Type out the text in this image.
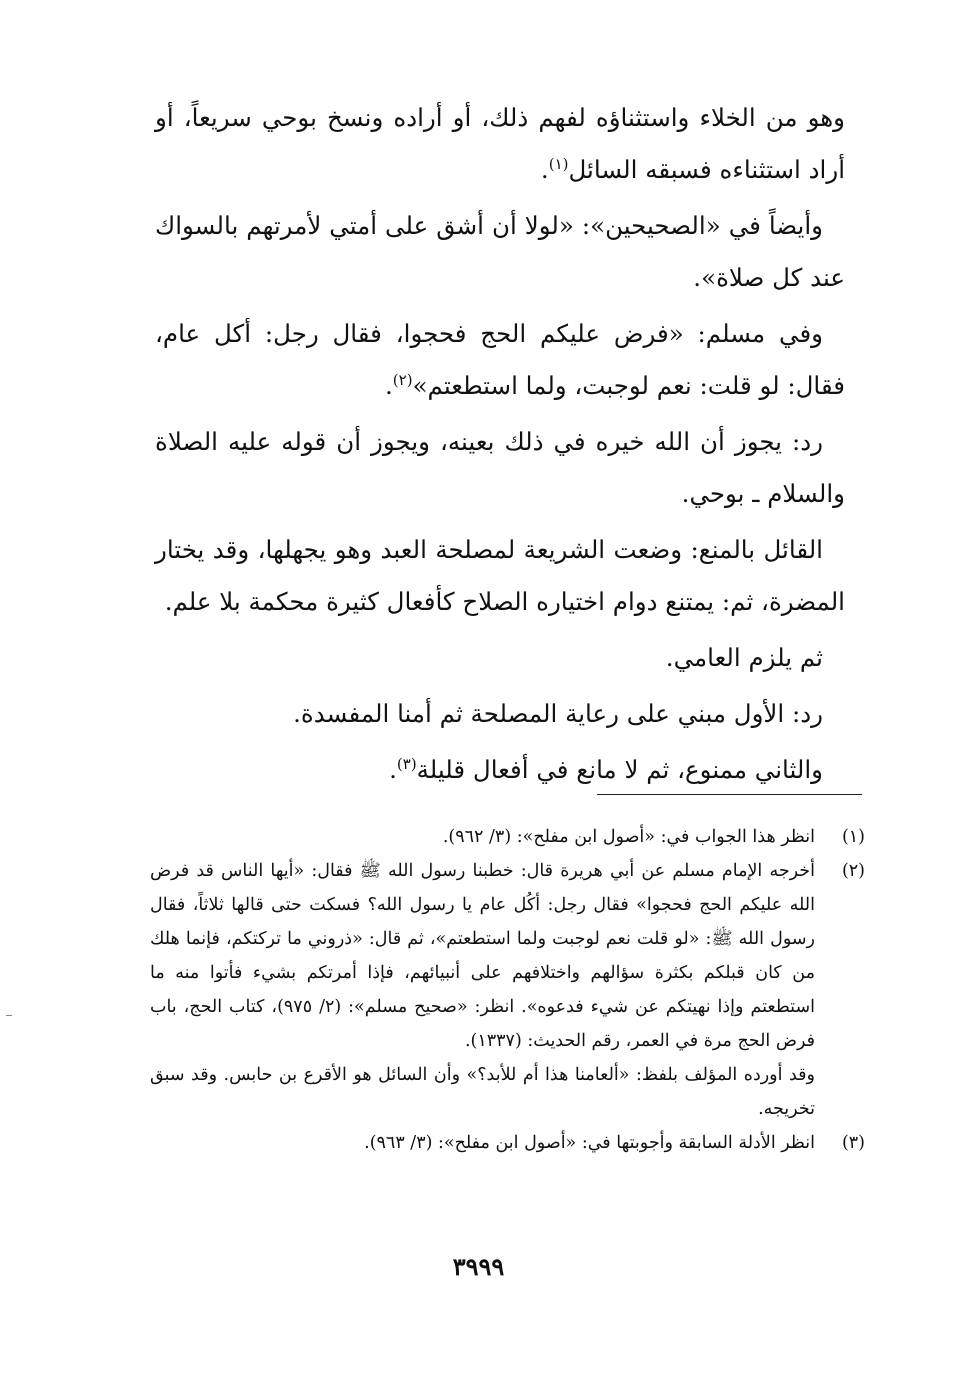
وهو من الخلاء واستثناؤه لفهم ذلك، أو أراده ونسخ بوحي سريعاً، أو أراد استثناءه فسبقه السائل$^{(١)}$.

وأيضاً في «الصحيحين»: «لولا أن أشق على أمتي لأمرتهم بالسواك عند كل صلاة».

وفي مسلم: «فرض عليكم الحج فحجوا، فقال رجل: أكل عام، فقال: لو قلت: نعم لوجبت، ولما استطعتم»$^{(٢)}$.

رد: يجوز أن الله خيره في ذلك بعينه، ويجوز أن قوله عليه الصلاة والسلام ـ بوحي.

القائل بالمنع: وضعت الشريعة لمصلحة العبد وهو يجهلها، وقد يختار المضرة، ثم: يمتنع دوام اختياره الصلاح كأفعال كثيرة محكمة بلا علم.

ثم يلزم العامي.

رد: الأول مبني على رعاية المصلحة ثم أمنا المفسدة.

والثاني ممنوع، ثم لا مانع في أفعال قليلة$^{(٣)}$.

(١)

انظر هذا الجواب في: «أصول ابن مفلح»: (٣/ ٩٦٢).

(٢)

أخرجه الإمام مسلم عن أبي هريرة قال: خطبنا رسول الله ﷺ فقال: «أيها الناس قد فرض الله عليكم الحج فحجوا» فقال رجل: أكُل عام يا رسول الله؟ فسكت حتى قالها ثلاثاً، فقال رسول الله ﷺ: «لو قلت نعم لوجبت ولما استطعتم»، ثم قال: «ذروني ما تركتكم، فإنما هلك من كان قبلكم بكثرة سؤالهم واختلافهم على أنبيائهم، فإذا أمرتكم بشيء فأتوا منه ما استطعتم وإذا نهيتكم عن شيء فدعوه». انظر: «صحيح مسلم»: (٢/ ٩٧٥)، كتاب الحج، باب فرض الحج مرة في العمر، رقم الحديث: (١٣٣٧).

وقد أورده المؤلف بلفظ: «ألعامنا هذا أم للأبد؟» وأن السائل هو الأقرع بن حابس. وقد سبق تخريجه.

(٣)

انظر الأدلة السابقة وأجوبتها في: «أصول ابن مفلح»: (٣/ ٩٦٣).

٣٩٩٩
